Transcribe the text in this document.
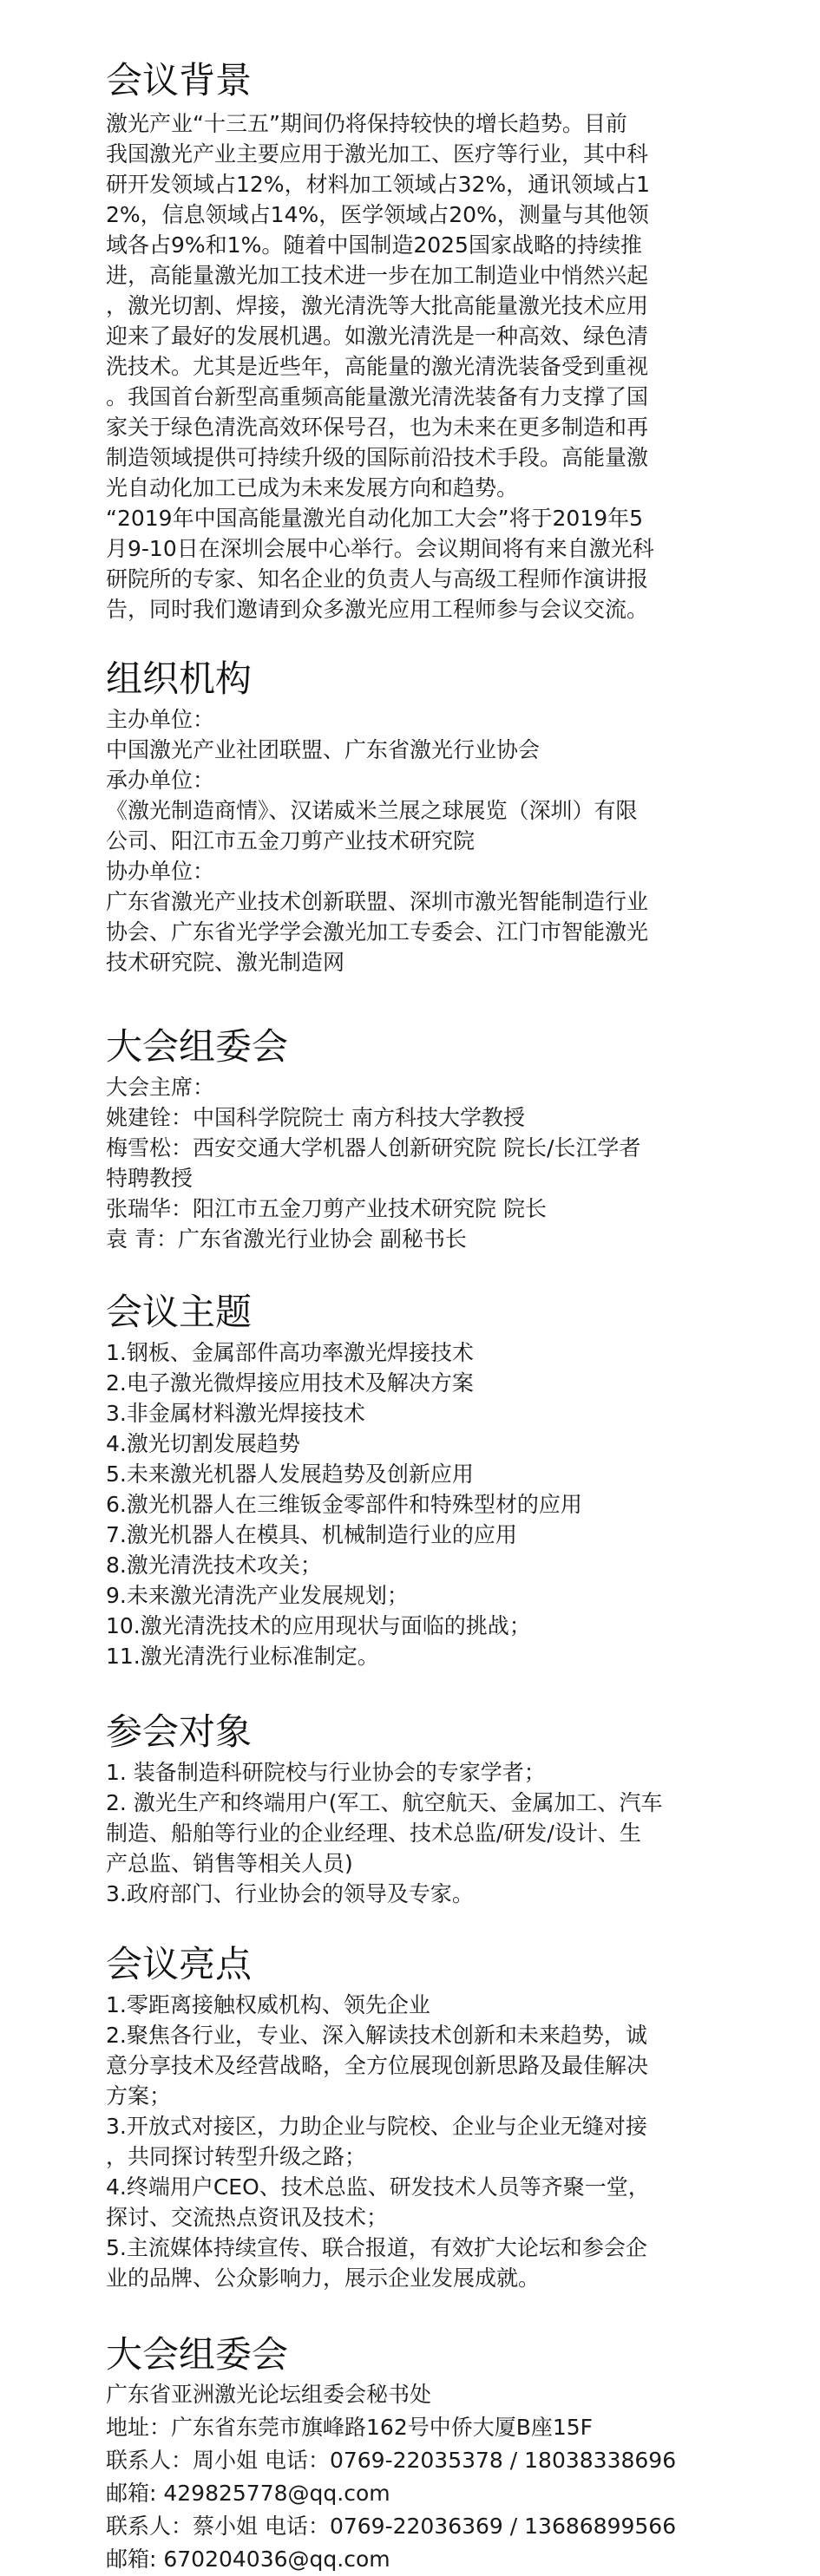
会议背景
激光产业“十三五”期间仍将保持较快的增长趋势。目前
我国激光产业主要应用于激光加工、医疗等行业，其中科
研开发领域占12%，材料加工领域占32%，通讯领域占1
2%，信息领域占14%，医学领域占20%，测量与其他领
域各占9%和1%。随着中国制造2025国家战略的持续推
进，高能量激光加工技术进一步在加工制造业中悄然兴起
，激光切割、焊接，激光清洗等大批高能量激光技术应用
迎来了最好的发展机遇。如激光清洗是一种高效、绿色清
洗技术。尤其是近些年，高能量的激光清洗装备受到重视
。我国首台新型高重频高能量激光清洗装备有力支撑了国
家关于绿色清洗高效环保号召，也为未来在更多制造和再
制造领域提供可持续升级的国际前沿技术手段。高能量激
光自动化加工已成为未来发展方向和趋势。
“2019年中国高能量激光自动化加工大会”将于2019年5
月9-10日在深圳会展中心举行。会议期间将有来自激光科
研院所的专家、知名企业的负责人与高级工程师作演讲报
告，同时我们邀请到众多激光应用工程师参与会议交流。
组织机构
主办单位：
中国激光产业社团联盟、广东省激光行业协会
承办单位：
《激光制造商情》、汉诺威米兰展之球展览（深圳）有限
公司、阳江市五金刀剪产业技术研究院
协办单位：
广东省激光产业技术创新联盟、深圳市激光智能制造行业
协会、广东省光学学会激光加工专委会、江门市智能激光
技术研究院、激光制造网
大会组委会
大会主席：
姚建铨：中国科学院院士 南方科技大学教授
梅雪松：西安交通大学机器人创新研究院 院长/长江学者
特聘教授
张瑞华：阳江市五金刀剪产业技术研究院 院长
袁 青：广东省激光行业协会 副秘书长
会议主题
1.钢板、金属部件高功率激光焊接技术
2.电子激光微焊接应用技术及解决方案
3.非金属材料激光焊接技术
4.激光切割发展趋势
5.未来激光机器人发展趋势及创新应用
6.激光机器人在三维钣金零部件和特殊型材的应用
7.激光机器人在模具、机械制造行业的应用
8.激光清洗技术攻关；
9.未来激光清洗产业发展规划；
10.激光清洗技术的应用现状与面临的挑战；
11.激光清洗行业标准制定。
参会对象
1. 装备制造科研院校与行业协会的专家学者；
2. 激光生产和终端用户(军工、航空航天、金属加工、汽车
制造、船舶等行业的企业经理、技术总监/研发/设计、生
产总监、销售等相关人员)
3.政府部门、行业协会的领导及专家。
会议亮点
1.零距离接触权威机构、领先企业
2.聚焦各行业，专业、深入解读技术创新和未来趋势，诚
意分享技术及经营战略，全方位展现创新思路及最佳解决
方案；
3.开放式对接区，力助企业与院校、企业与企业无缝对接
，共同探讨转型升级之路；
4.终端用户CEO、技术总监、研发技术人员等齐聚一堂，
探讨、交流热点资讯及技术；
5.主流媒体持续宣传、联合报道，有效扩大论坛和参会企
业的品牌、公众影响力，展示企业发展成就。
大会组委会
广东省亚洲激光论坛组委会秘书处
地址：广东省东莞市旗峰路162号中侨大厦B座15F
联系人：周小姐 电话：0769-22035378 / 18038338696
邮箱: 429825778@qq.com
联系人：蔡小姐 电话：0769-22036369 / 13686899566
邮箱: 670204036@qq.com
